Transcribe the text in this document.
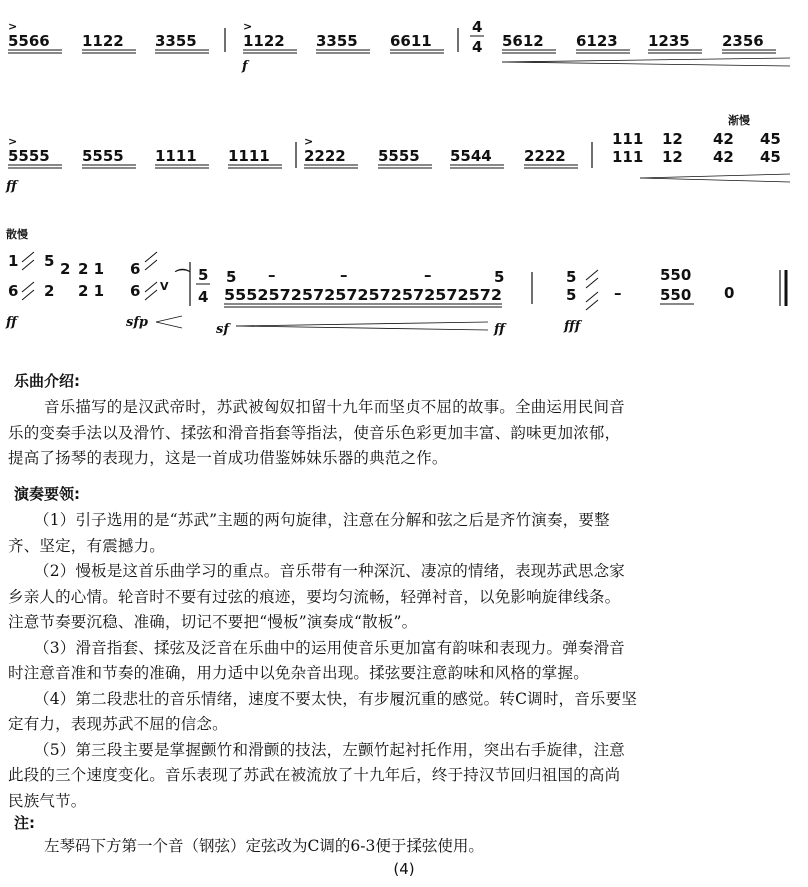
5566 1122 3355	1122 3355 6611
4
4 5612 6123 1235 2356
>	>
f
5555 5555 1111 1111 2222 5555 5544 2222
渐慢
111 12 42 45
111 12 42 45
>	>
ff
散慢
1 5 2 2 1
6 2 2 1
6
6 V
⌒ 5
4
5 –	–	–	5
5552572572572572572572572
5
5	–
550
550 0
ff	sfp	sf	ff	fff
乐曲介绍:
音乐描写的是汉武帝时，苏武被匈奴扣留十九年而坚贞不屈的故事。全曲运用民间音
乐的变奏手法以及滑竹、揉弦和滑音指套等指法，使音乐色彩更加丰富、韵味更加浓郁，
提高了扬琴的表现力，这是一首成功借鉴姊妹乐器的典范之作。
演奏要领:
（1）引子选用的是“苏武”主题的两句旋律，注意在分解和弦之后是齐竹演奏，要整
齐、坚定，有震撼力。
（2）慢板是这首乐曲学习的重点。音乐带有一种深沉、凄凉的情绪，表现苏武思念家
乡亲人的心情。轮音时不要有过弦的痕迹，要均匀流畅，轻弹衬音，以免影响旋律线条。
注意节奏要沉稳、准确，切记不要把“慢板”演奏成“散板”。
（3）滑音指套、揉弦及泛音在乐曲中的运用使音乐更加富有韵味和表现力。弹奏滑音
时注意音准和节奏的准确，用力适中以免杂音出现。揉弦要注意韵味和风格的掌握。
（4）第二段悲壮的音乐情绪，速度不要太快，有步履沉重的感觉。转C调时，音乐要坚
定有力，表现苏武不屈的信念。
（5）第三段主要是掌握颤竹和滑颤的技法，左颤竹起衬托作用，突出右手旋律，注意
此段的三个速度变化。音乐表现了苏武在被流放了十九年后，终于持汉节回归祖国的高尚
民族气节。
注:
左琴码下方第一个音（钢弦）定弦改为C调的6-3便于揉弦使用。
(4)
